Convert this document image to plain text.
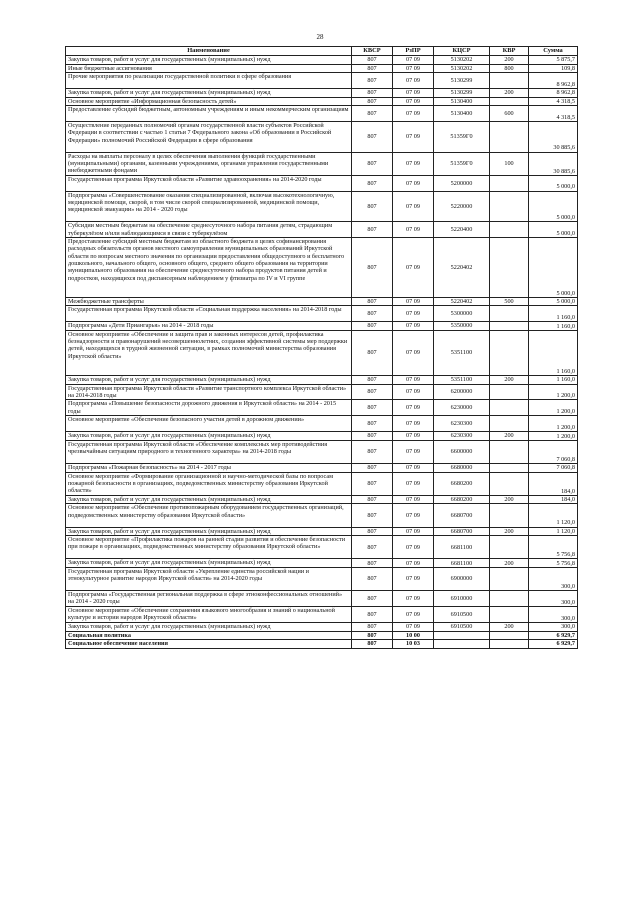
28
Наименование	КВСР	РзПР	КЦСР	КВР	Сумма
Закупка товаров, работ и услуг для государственных (муниципальных) нужд	807	07 09	5130202	200	5 875,7
Иные бюджетные ассигнования	807	07 09	5130202	800	109,8
Прочие мероприятия по реализации государственной политики в сфере образования	807	07 09	5130299		8 962,8
Закупка товаров, работ и услуг для государственных (муниципальных) нужд	807	07 09	5130299	200	8 962,8
Основное мероприятие «Информационная безопасность детей»	807	07 09	5130400		4 318,5
Предоставление субсидий бюджетным, автономным учреждениям и иным некоммерческим организациям	807	07 09	5130400	600	4 318,5
Осуществление переданных полномочий органам государственной власти субъектов Российской Федерации в соответствии с частью 1 статьи 7 Федерального закона «Об образовании в Российской Федерации» полномочий Российской Федерации в сфере образования	807	07 09	51359Г0		30 885,6
Расходы на выплаты персоналу в целях обеспечения выполнения функций государственными (муниципальными) органами, казенными учреждениями, органами управления государственными внебюджетными фондами	807	07 09	51359Г0	100	30 885,6
Государственная программа Иркутской области «Развитие здравоохранения» на 2014-2020 годы	807	07 09	5200000		5 000,0
Подпрограмма «Совершенствование оказания специализированной, включая высокотехнологичную, медицинской помощи, скорой, в том числе скорой специализированной, медицинской помощи, медицинской эвакуации» на 2014 - 2020 годы	807	07 09	5220000		5 000,0
Субсидии местным бюджетам на обеспечение среднесуточного набора питания детям, страдающим туберкулёзом и/или наблюдающимся в связи с туберкулёзом	807	07 09	5220400		5 000,0
Предоставление субсидий местным бюджетам из областного бюджета в целях софинансирования расходных обязательств органов местного самоуправления муниципальных образований Иркутской области по вопросам местного значения по организации предоставления общедоступного и бесплатного дошкольного, начального общего, основного общего, среднего общего образования на территории муниципального образования на обеспечение среднесуточного набора продуктов питания детей и подростков, находящихся под диспансерным наблюдением у фтизиатра по IV и VI группе	807	07 09	5220402		5 000,0
Межбюджетные трансферты	807	07 09	5220402	500	5 000,0
Государственная программа Иркутской области «Социальная поддержка населения» на 2014-2018 годы	807	07 09	5300000		1 160,0
Подпрограмма «Дети Приангарья» на 2014 - 2018 годы	807	07 09	5350000		1 160,0
Основное мероприятие «Обеспечение и защита прав и законных интересов детей, профилактика безнадзорности и правонарушений несовершеннолетних, создания эффективной системы мер поддержки детей, находящихся в трудной жизненной ситуации, в рамках полномочий министерства образования Иркутской области»	807	07 09	5351100		1 160,0
Закупка товаров, работ и услуг для государственных (муниципальных) нужд	807	07 09	5351100	200	1 160,0
Государственная программа Иркутской области «Развитие транспортного комплекса Иркутской области» на 2014-2018 годы	807	07 09	6200000		1 200,0
Подпрограмма «Повышение безопасности дорожного движения в Иркутской области» на 2014 - 2015 годы	807	07 09	6230000		1 200,0
Основное мероприятие «Обеспечение безопасного участия детей в дорожном движении»	807	07 09	6230300		1 200,0
Закупка товаров, работ и услуг для государственных (муниципальных) нужд	807	07 09	6230300	200	1 200,0
Государственная программа Иркутской области «Обеспечение комплексных мер противодействия чрезвычайным ситуациям природного и техногенного характера» на 2014-2018 годы	807	07 09	6600000		7 060,8
Подпрограмма «Пожарная безопасность» на 2014 - 2017 годы	807	07 09	6680000		7 060,8
Основное мероприятие «Формирование организационной и научно-методической базы по вопросам пожарной безопасности в организациях, подведомственных министерству образования Иркутской области»	807	07 09	6680200		184,0
Закупка товаров, работ и услуг для государственных (муниципальных) нужд	807	07 09	6680200	200	184,0
Основное мероприятие «Обеспечение противопожарным оборудованием государственных организаций, подведомственных министерству образования Иркутской области»	807	07 09	6680700		1 120,0
Закупка товаров, работ и услуг для государственных (муниципальных) нужд	807	07 09	6680700	200	1 120,0
Основное мероприятие «Профилактика пожаров на ранней стадии развития и обеспечение безопасности при пожаре в организациях, подведомственных министерству образования Иркутской области»	807	07 09	6681100		5 756,8
Закупка товаров, работ и услуг для государственных (муниципальных) нужд	807	07 09	6681100	200	5 756,8
Государственная программа Иркутской области «Укрепление единства российской нации и этнокультурное развитие народов Иркутской области» на 2014-2020 годы	807	07 09	6900000		300,0
Подпрограмма «Государственная региональная поддержка в сфере этноконфессиональных отношений» на 2014 - 2020 годы	807	07 09	6910000		300,0
Основное мероприятие «Обеспечение сохранения языкового многообразия и знаний о национальной культуре и истории народов Иркутской области»	807	07 09	6910500		300,0
Закупка товаров, работ и услуг для государственных (муниципальных) нужд	807	07 09	6910500	200	300,0
Социальная политика	807	10 00			6 929,7
Социальное обеспечение населения	807	10 03			6 929,7
